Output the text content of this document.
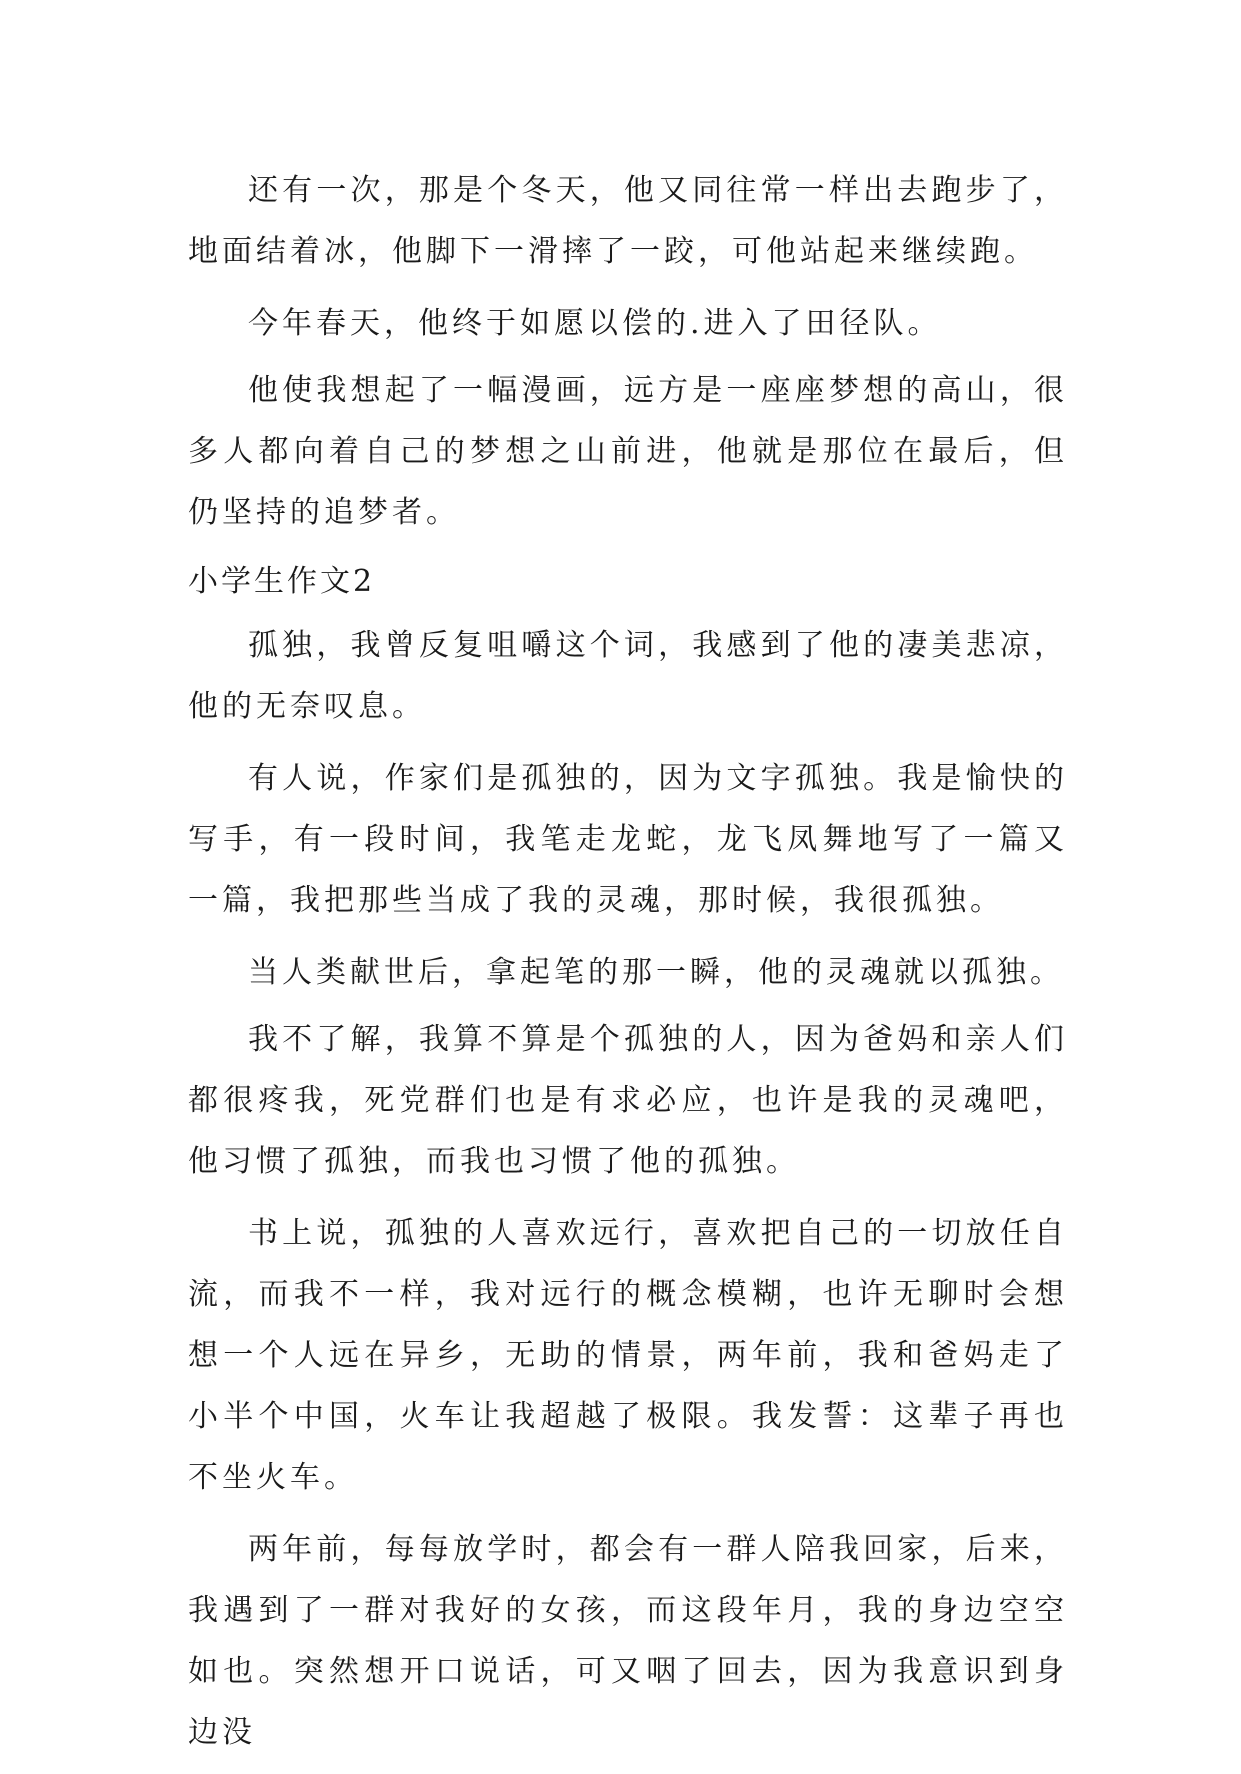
还有一次，那是个冬天，他又同往常一样出去跑步了，地面结着冰，他脚下一滑摔了一跤，可他站起来继续跑。

今年春天，他终于如愿以偿的.进入了田径队。

他使我想起了一幅漫画，远方是一座座梦想的高山，很多人都向着自己的梦想之山前进，他就是那位在最后，但仍坚持的追梦者。

小学生作文2

孤独，我曾反复咀嚼这个词，我感到了他的凄美悲凉，他的无奈叹息。

有人说，作家们是孤独的，因为文字孤独。我是愉快的写手，有一段时间，我笔走龙蛇，龙飞凤舞地写了一篇又一篇，我把那些当成了我的灵魂，那时候，我很孤独。

当人类献世后，拿起笔的那一瞬，他的灵魂就以孤独。

我不了解，我算不算是个孤独的人，因为爸妈和亲人们都很疼我，死党群们也是有求必应，也许是我的灵魂吧，他习惯了孤独，而我也习惯了他的孤独。

书上说，孤独的人喜欢远行，喜欢把自己的一切放任自流，而我不一样，我对远行的概念模糊，也许无聊时会想想一个人远在异乡，无助的情景，两年前，我和爸妈走了小半个中国，火车让我超越了极限。我发誓：这辈子再也不坐火车。

两年前，每每放学时，都会有一群人陪我回家，后来，我遇到了一群对我好的女孩，而这段年月，我的身边空空如也。突然想开口说话，可又咽了回去，因为我意识到身边没
